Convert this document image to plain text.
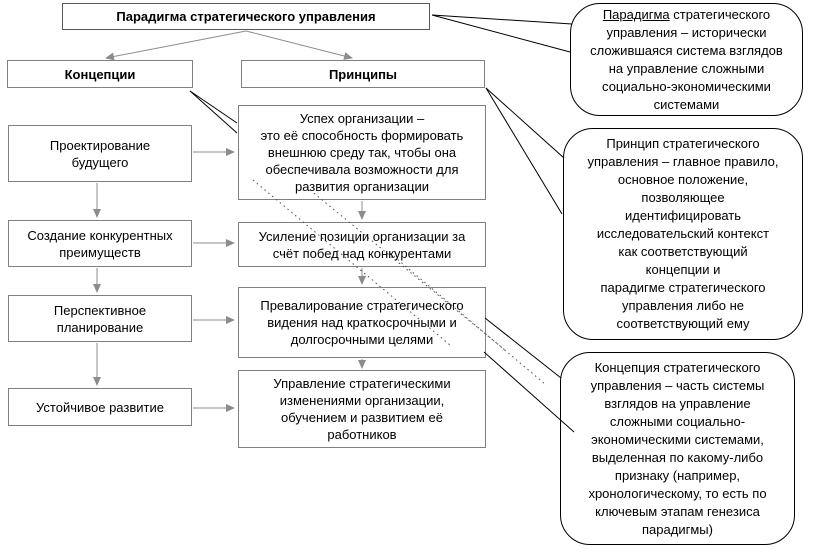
Парадигма стратегического управления
Концепции	Принципы
Проектирование
будущего
Создание конкурентных
преимуществ
Перспективное
планирование
Устойчивое развитие
Успех организации –
это её способность формировать
внешнюю среду так, чтобы она
обеспечивала возможности для
развития организации
Усиление позиции организации за
счёт побед над конкурентами
Превалирование стратегического
видения над краткосрочными и
долгосрочными целями
Управление стратегическими
изменениями организации,
обучением и развитием её
работников
Парадигма стратегического
управления – исторически
сложившаяся система взглядов
на управление сложными
социально-экономическими
системами
Принцип стратегического
управления – главное правило,
основное положение,
позволяющее
идентифицировать
исследовательский контекст
как соответствующий
концепции и
парадигме стратегического
управления либо не
соответствующий ему
Концепция стратегического
управления – часть системы
взглядов на управление
сложными социально-
экономическими системами,
выделенная по какому-либо
признаку (например,
хронологическому, то есть по
ключевым этапам генезиса
парадигмы)
